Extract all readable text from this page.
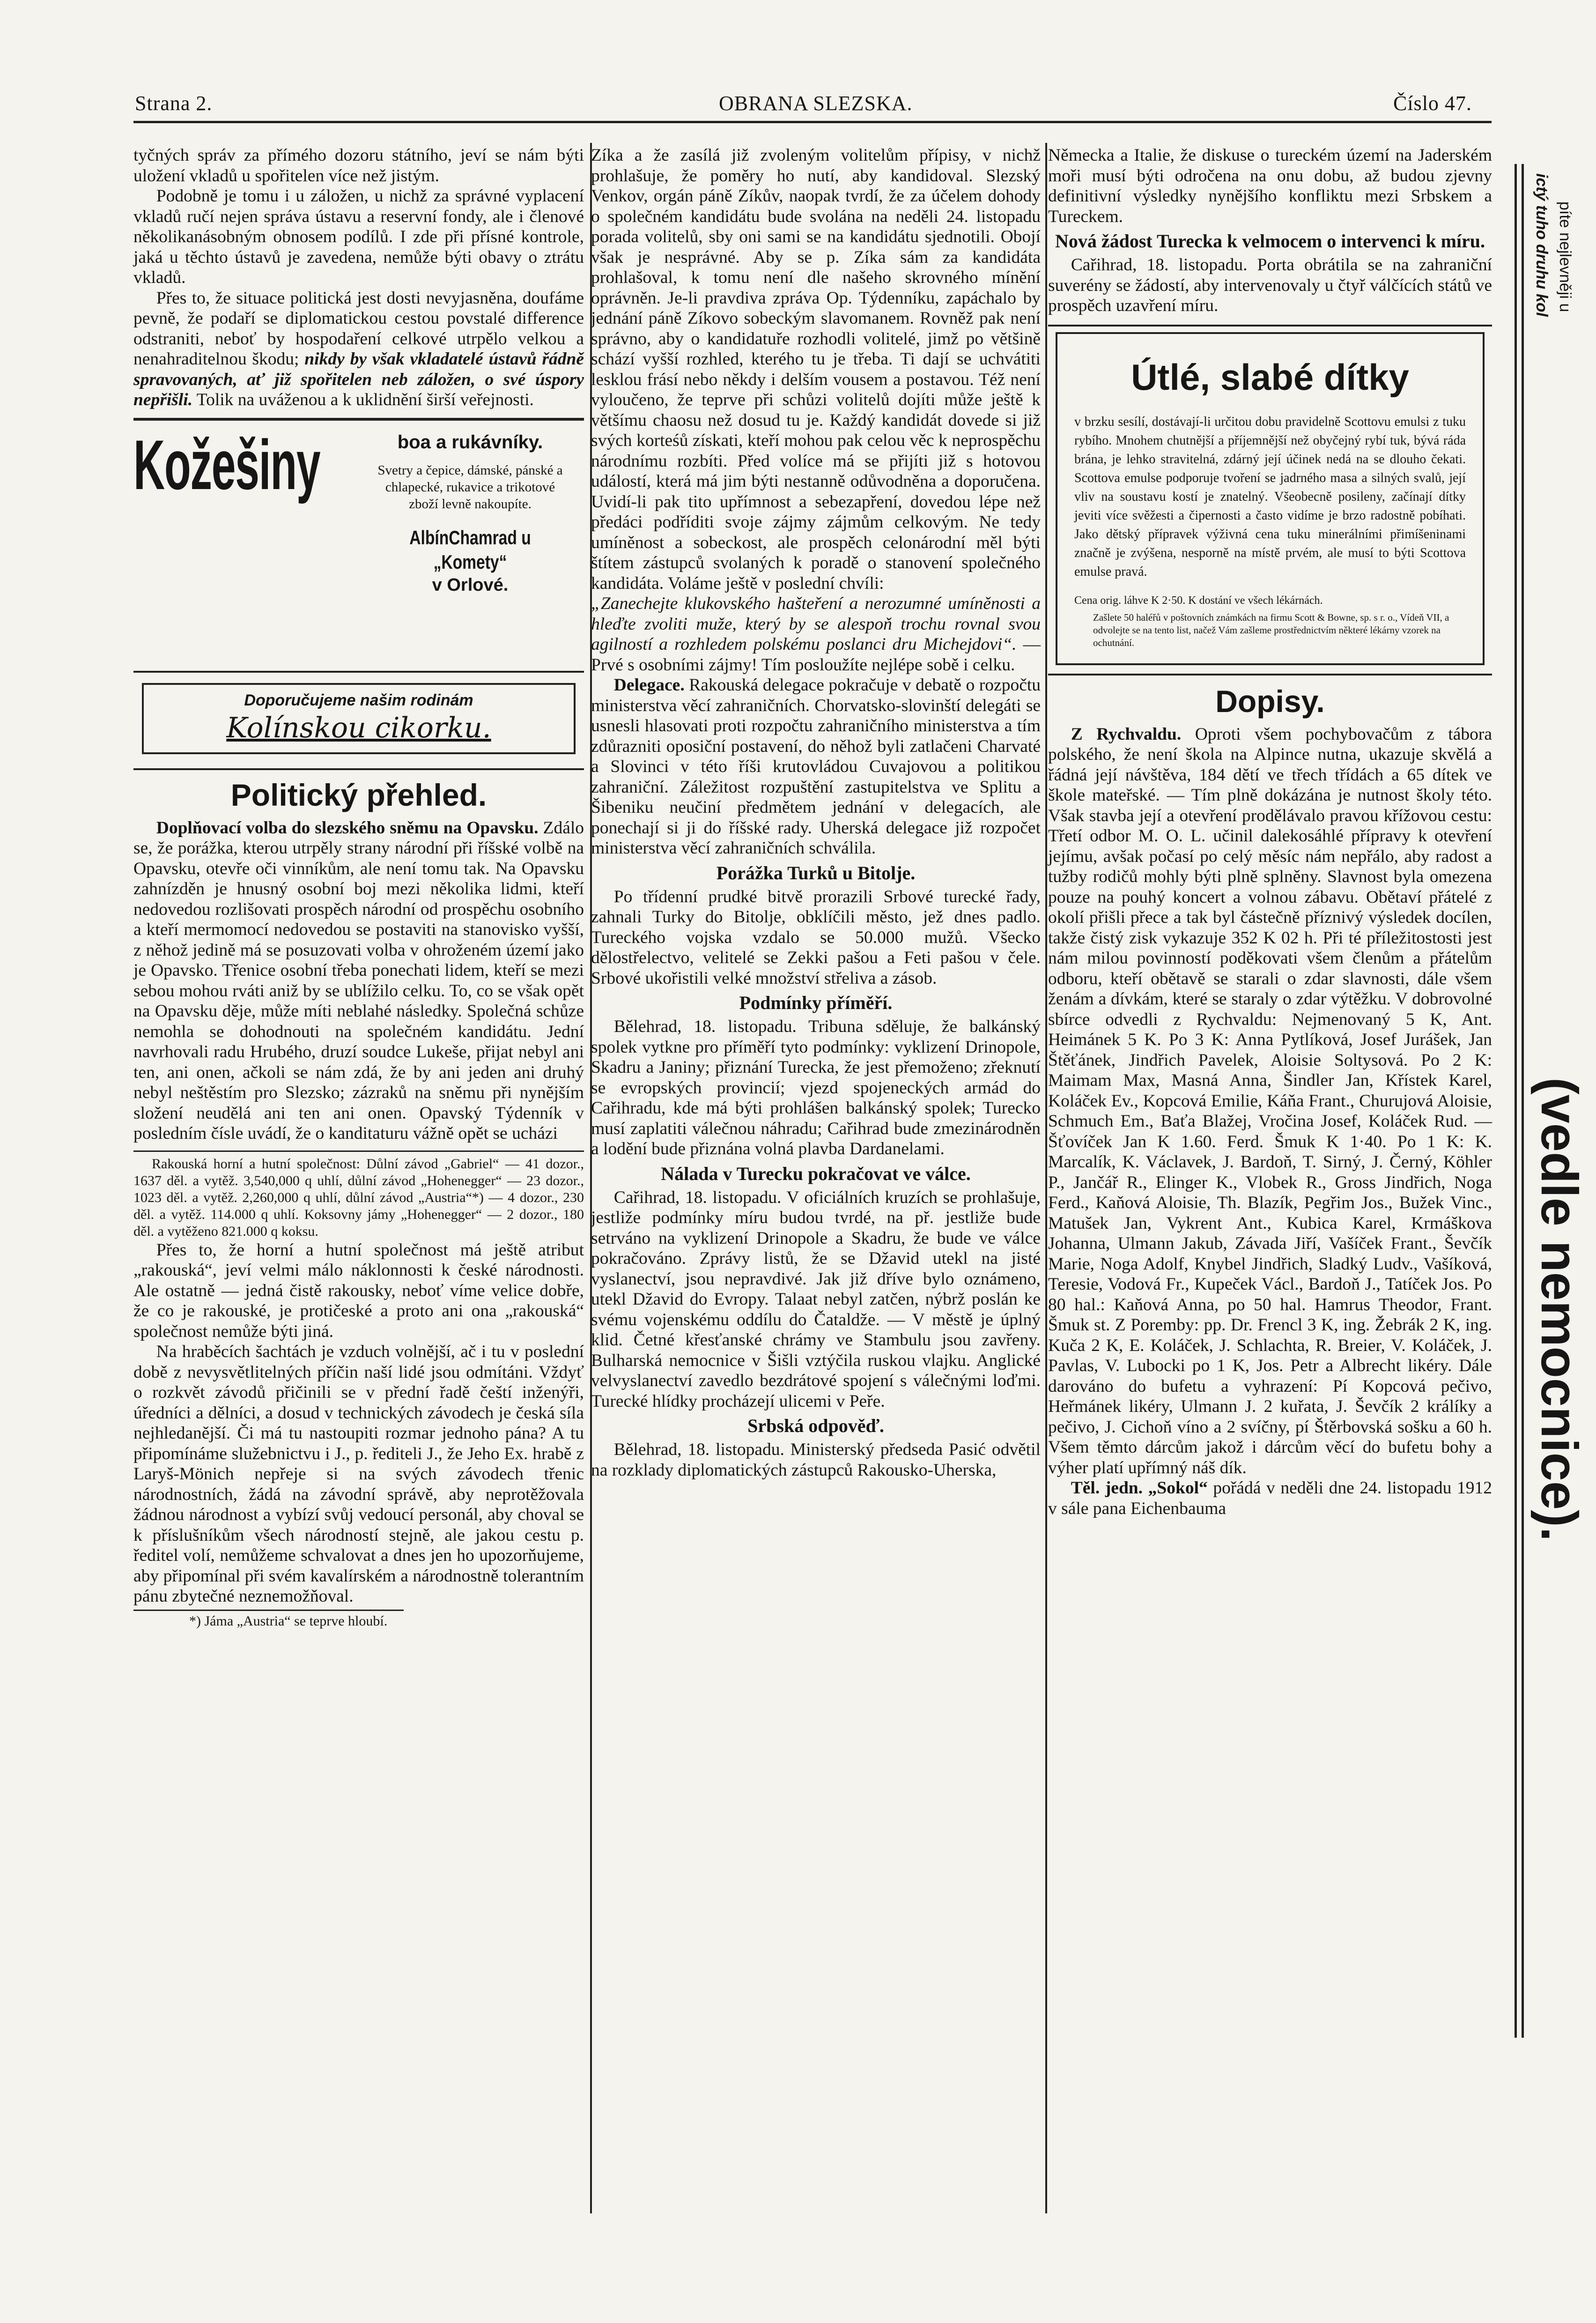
Strana 2.	OBRANA SLEZSKA.	Číslo 47.

tyčných správ za přímého dozoru státního, jeví se nám býti uložení vkladů u spořitelen více než jistým.

Podobně je tomu i u záložen, u nichž za správné vyplacení vkladů ručí nejen správa ústavu a reservní fondy, ale i členové několikanásobným obnosem podílů. I zde při přísné kontrole, jaká u těchto ústavů je zavedena, nemůže býti obavy o ztrátu vkladů.

Přes to, že situace politická jest dosti nevyjasněna, doufáme pevně, že podaří se diplomatickou cestou povstalé difference odstraniti, neboť by hospodaření celkové utrpělo velkou a nenahraditelnou škodu; nikdy by však vkladatelé ústavů řádně spravovaných, ať již spořitelen neb záložen, o své úspory nepřišli. Tolik na uváženou a k uklidnění širší veřejnosti.

Kožešiny	boa a rukávníky.
Svetry a čepice, dámské, pánské a chlapecké, rukavice a trikotové zboží levně nakoupíte.
AlbínChamrad u „Komety“
v Orlové.
Doporučujeme našim rodinám
Kolínskou cikorku.
Politický přehled.

Doplňovací volba do slezského sněmu na Opavsku. Zdálo se, že porážka, kterou utrpěly strany národní při říšské volbě na Opavsku, otevře oči vinníkům, ale není tomu tak. Na Opavsku zahnízděn je hnusný osobní boj mezi několika lidmi, kteří nedovedou rozlišovati prospěch národní od prospěchu osobního a kteří mermomocí nedovedou se postaviti na stanovisko vyšší, z něhož jedině má se posuzovati volba v ohroženém území jako je Opavsko. Třenice osobní třeba ponechati lidem, kteří se mezi sebou mohou rváti aniž by se ublížilo celku. To, co se však opět na Opavsku děje, může míti neblahé následky. Společná schůze nemohla se dohodnouti na společném kandidátu. Jední navrhovali radu Hrubého, druzí soudce Lukeše, přijat nebyl ani ten, ani onen, ačkoli se nám zdá, že by ani jeden ani druhý nebyl neštěstím pro Slezsko; zázraků na sněmu při nynějším složení neudělá ani ten ani onen. Opavský Týdenník v posledním čísle uvádí, že o kanditaturu vážně opět se ucházi

Rakouská horní a hutní společnost: Důlní závod „Gabriel“ — 41 dozor., 1637 děl. a vytěž. 3,540,000 q uhlí, důlní závod „Hohenegger“ — 23 dozor., 1023 děl. a vytěž. 2,260,000 q uhlí, důlní závod „Austria“*) — 4 dozor., 230 děl. a vytěž. 114.000 q uhlí. Koksovny jámy „Hohenegger“ — 2 dozor., 180 děl. a vytěženo 821.000 q koksu.

Přes to, že horní a hutní společnost má ještě atribut „rakouská“, jeví velmi málo náklonnosti k české národnosti. Ale ostatně — jedná čistě rakousky, neboť víme velice dobře, že co je rakouské, je protičeské a proto ani ona „rakouská“ společnost nemůže býti jiná.

Na hraběcích šachtách je vzduch volnější, ač i tu v poslední době z nevysvětlitelných příčin naší lidé jsou odmítáni. Vždyť o rozkvět závodů přičinili se v přední řadě čeští inženýři, úředníci a dělníci, a dosud v technických závodech je česká síla nejhledanější. Či má tu nastoupiti rozmar jednoho pána? A tu připomínáme služebnictvu i J., p. řediteli J., že Jeho Ex. hrabě z Laryš-Mönich nepřeje si na svých závodech třenic národnostních, žádá na závodní správě, aby neprotěžovala žádnou národnost a vybízí svůj vedoucí personál, aby choval se k příslušníkům všech národností stejně, ale jakou cestu p. ředitel volí, nemůžeme schvalovat a dnes jen ho upozorňujeme, aby připomínal při svém kavalírském a národnostně tolerantním pánu zbytečné neznemožňoval.

*) Jáma „Austria“ se teprve hloubí.

Zíka a že zasílá již zvoleným volitelům přípisy, v nichž prohlašuje, že poměry ho nutí, aby kandidoval. Slezský Venkov, orgán páně Zíkův, naopak tvrdí, že za účelem dohody o společném kandidátu bude svolána na neděli 24. listopadu porada volitelů, sby oni sami se na kandidátu sjednotili. Obojí však je nesprávné. Aby se p. Zíka sám za kandidáta prohlašoval, k tomu není dle našeho skrovného mínění oprávněn. Je-li pravdiva zpráva Op. Týdenníku, zapáchalo by jednání páně Zíkovo sobeckým slavomanem. Rovněž pak není správno, aby o kandidatuře rozhodli volitelé, jimž po většině schází vyšší rozhled, kterého tu je třeba. Ti dají se uchvátiti lesklou frásí nebo někdy i delším vousem a postavou. Též není vyloučeno, že teprve při schůzi volitelů dojíti může ještě k většímu chaosu než dosud tu je. Každý kandidát dovede si již svých korteśů získati, kteří mohou pak celou věc k neprospěchu národnímu rozbíti. Před volíce má se přijíti již s hotovou událostí, která má jim býti nestanně odůvodněna a doporučena. Uvidí-li pak tito upřímnost a sebezapření, dovedou lépe než předáci podříditi svoje zájmy zájmům celkovým. Ne tedy umíněnost a sobeckost, ale prospěch celonárodní měl býti štítem zástupců svolaných k poradě o stanovení společného kandidáta. Voláme ještě v poslední chvíli:

„Zanechejte klukovského hašteření a nerozumné umíněnosti a hleďte zvoliti muže, který by se alespoň trochu rovnal svou agilností a rozhledem polskému poslanci dru Michejdovi“. — Prvé s osobními zájmy! Tím posloužíte nejlépe sobě i celku.

Delegace. Rakouská delegace pokračuje v debatě o rozpočtu ministerstva věcí zahraničních. Chorvatsko-slovinští delegáti se usnesli hlasovati proti rozpočtu zahraničního ministerstva a tím zdůrazniti oposiční postavení, do něhož byli zatlačeni Charvaté a Slovinci v této říši krutovládou Cuvajovou a politikou zahraniční. Záležitost rozpuštění zastupitelstva ve Splitu a Šibeniku neučiní předmětem jednání v delegacích, ale ponechají si ji do říšské rady. Uherská delegace již rozpočet ministerstva věcí zahraničních schválila.

Porážka Turků u Bitolje.

Po třídenní prudké bitvě prorazili Srbové turecké řady, zahnali Turky do Bitolje, obklíčili město, jež dnes padlo. Tureckého vojska vzdalo se 50.000 mužů. Všecko dělostřelectvo, velitelé se Zekki pašou a Feti pašou v čele. Srbové ukořistili velké množství střeliva a zásob.

Podmínky příměří.

Bělehrad, 18. listopadu. Tribuna sděluje, že balkánský spolek vytkne pro příměří tyto podmínky: vyklizení Drinopole, Skadru a Janiny; přiznání Turecka, že jest přemoženo; zřeknutí se evropských provincií; vjezd spojeneckých armád do Cařihradu, kde má býti prohlášen balkánský spolek; Turecko musí zaplatiti válečnou náhradu; Cařihrad bude zmezinárodněn a lodění bude přiznána volná plavba Dardanelami.

Nálada v Turecku pokračovat ve válce.

Cařihrad, 18. listopadu. V oficiálních kruzích se prohlašuje, jestliže podmínky míru budou tvrdé, na př. jestliže bude setrváno na vyklizení Drinopole a Skadru, že bude ve válce pokračováno. Zprávy listů, že se Džavid utekl na jisté vyslanectví, jsou nepravdivé. Jak již dříve bylo oznámeno, utekl Džavid do Evropy. Talaat nebyl zatčen, nýbrž poslán ke svému vojenskému oddílu do Čataldže. — V městě je úplný klid. Četné křesťanské chrámy ve Stambulu jsou zavřeny. Bulharská nemocnice v Šišli vztýčila ruskou vlajku. Anglické velvyslanectví zavedlo bezdrátové spojení s válečnými loďmi. Turecké hlídky procházejí ulicemi v Peře.

Srbská odpověď.

Bělehrad, 18. listopadu. Ministerský předseda Pasić odvětil na rozklady diplomatických zástupců Rakousko-Uherska,

Německa a Italie, že diskuse o tureckém území na Jaderském moři musí býti odročena na onu dobu, až budou zjevny definitivní výsledky nynějšího konfliktu mezi Srbskem a Tureckem.

Nová žádost Turecka k velmocem o intervenci k míru.

Cařihrad, 18. listopadu. Porta obrátila se na zahraniční suverény se žádostí, aby intervenovaly u čtyř válčících států ve prospěch uzavření míru.

Útlé, slabé dítky
v brzku sesílí, dostávají-li určitou dobu pravidelně Scottovu emulsi z tuku rybího. Mnohem chutnější a příjemnější než obyčejný rybí tuk, bývá ráda brána, je lehko stravitelná, zdárný její účinek nedá na se dlouho čekati. Scottova emulse podporuje tvoření se jadrného masa a silných svalů, její vliv na soustavu kostí je znatelný. Všeobecně posileny, začínají dítky jeviti více svěžesti a čipernosti a často vidíme je brzo radostně pobíhati. Jako dětský přípravek výživná cena tuku minerálními přimíšeninami značně je zvýšena, nesporně na místě prvém, ale musí to býti Scottova emulse pravá.
Cena orig. láhve K 2·50. K dostání ve všech lékárnách.
Zašlete 50 haléřů v poštovních známkách na firmu Scott & Bowne, sp. s r. o., Vídeň VII, a odvolejte se na tento list, načež Vám zašleme prostřednictvím některé lékárny vzorek na ochutnání.
Dopisy.

Z Rychvaldu. Oproti všem pochybovačům z tábora polského, že není škola na Alpince nutna, ukazuje skvělá a řádná její návštěva, 184 dětí ve třech třídách a 65 dítek ve škole mateřské. — Tím plně dokázána je nutnost školy této. Však stavba její a otevření prodělávalo pravou křížovou cestu: Třetí odbor M. O. L. učinil dalekosáhlé přípravy k otevření jejímu, avšak počasí po celý měsíc nám nepřálo, aby radost a tužby rodičů mohly býti plně splněny. Slavnost byla omezena pouze na pouhý koncert a volnou zábavu. Obětaví přátelé z okolí přišli přece a tak byl částečně příznivý výsledek docílen, takže čistý zisk vykazuje 352 K 02 h. Při té příležitostosti jest nám milou povinností poděkovati všem členům a přátelům odboru, kteří obětavě se starali o zdar slavnosti, dále všem ženám a dívkám, které se staraly o zdar výtěžku. V dobrovolné sbírce odvedli z Rychvaldu: Nejmenovaný 5 K, Ant. Heimánek 5 K. Po 3 K: Anna Pytlíková, Josef Jurášek, Jan Štěťánek, Jindřich Pavelek, Aloisie Soltysová. Po 2 K: Maimam Max, Masná Anna, Šindler Jan, Křístek Karel, Koláček Ev., Kopcová Emilie, Káňa Frant., Churujová Aloisie, Schmuch Em., Baťa Blažej, Vročina Josef, Koláček Rud. — Šťovíček Jan K 1.60. Ferd. Šmuk K 1·40. Po 1 K: K. Marcalík, K. Václavek, J. Bardoň, T. Sirný, J. Černý, Köhler P., Jančář R., Elinger K., Vlobek R., Gross Jindřich, Noga Ferd., Kaňová Aloisie, Th. Blazík, Pegřim Jos., Bužek Vinc., Matušek Jan, Vykrent Ant., Kubica Karel, Krmáškova Johanna, Ulmann Jakub, Závada Jiří, Vašíček Frant., Ševčík Marie, Noga Adolf, Knybel Jindřich, Sladký Ludv., Vašíková, Teresie, Vodová Fr., Kupeček Václ., Bardoň J., Tatíček Jos. Po 80 hal.: Kaňová Anna, po 50 hal. Hamrus Theodor, Frant. Šmuk st. Z Poremby: pp. Dr. Frencl 3 K, ing. Žebrák 2 K, ing. Kuča 2 K, E. Koláček, J. Schlachta, R. Breier, V. Koláček, J. Pavlas, V. Lubocki po 1 K, Jos. Petr a Albrecht likéry. Dále darováno do bufetu a vyhrazení: Pí Kopcová pečivo, Heřmánek likéry, Ulmann J. 2 kuřata, J. Ševčík 2 králíky a pečivo, J. Cichoň víno a 2 svíčny, pí Štěrbovská sošku a 60 h. Všem těmto dárcům jakož i dárcům věcí do bufetu bohy a výher platí upřímný náš dík.

Těl. jedn. „Sokol“ pořádá v neděli dne 24. listopadu 1912 v sále pana Eichenbauma

ictý tuho druhu kol píte nejlevněji u
(vedle nemocnice).
